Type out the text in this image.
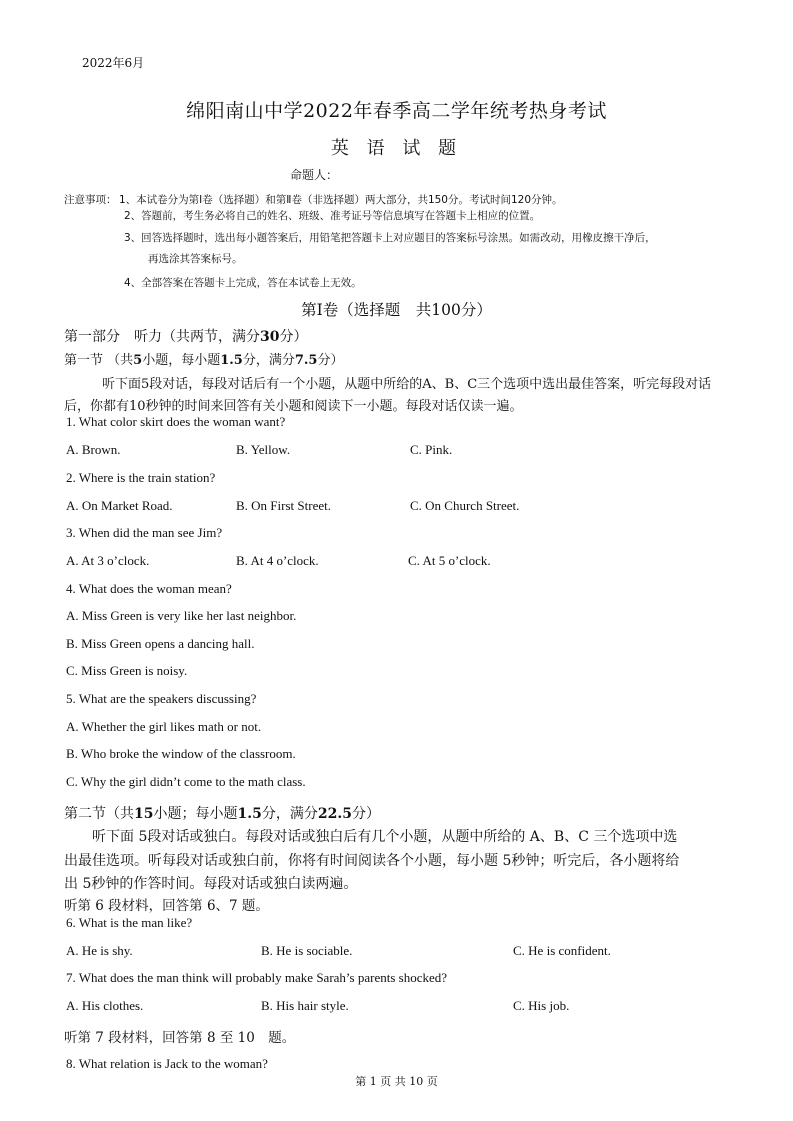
2022年6月
绵阳南山中学2022年春季高二学年统考热身考试
英 语 试 题
命题人：
注意事项： 1、本试卷分为第Ⅰ卷（选择题）和第Ⅱ卷（非选择题）两大部分，共150分。考试时间120分钟。
2、答题前，考生务必将自己的姓名、班级、准考证号等信息填写在答题卡上相应的位置。
3、回答选择题时，选出每小题答案后，用铅笔把答题卡上对应题目的答案标号涂黑。如需改动，用橡皮擦干净后，
再选涂其答案标号。
4、全部答案在答题卡上完成，答在本试卷上无效。
第Ⅰ卷（选择题　共100分）
第一部分　听力（共两节，满分30分）
第一节 （共5小题，每小题1.5分，满分7.5分）
听下面5段对话，每段对话后有一个小题，从题中所给的A、B、C三个选项中选出最佳答案，听完每段对话
后，你都有10秒钟的时间来回答有关小题和阅读下一小题。每段对话仅读一遍。
1. What color skirt does the woman want?
A. Brown.	B. Yellow.	C. Pink.
2. Where is the train station?
A. On Market Road.	B. On First Street.	C. On Church Street.
3. When did the man see Jim?
A. At 3 o’clock.	B. At 4 o’clock.	C. At 5 o’clock.
4. What does the woman mean?
A. Miss Green is very like her last neighbor.
B. Miss Green opens a dancing hall.
C. Miss Green is noisy.
5. What are the speakers discussing?
A. Whether the girl likes math or not.
B. Who broke the window of the classroom.
C. Why the girl didn’t come to the math class.
第二节（共15小题；每小题1.5分，满分22.5分）
听下面 5段对话或独白。每段对话或独白后有几个小题，从题中所给的 A、B、C 三个选项中选
出最佳选项。听每段对话或独白前，你将有时间阅读各个小题，每小题 5秒钟；听完后，各小题将给
出 5秒钟的作答时间。每段对话或独白读两遍。
听第 6 段材料，回答第 6、7 题。
6. What is the man like?
A. He is shy.	B. He is sociable.	C. He is confident.
7. What does the man think will probably make Sarah’s parents shocked?
A. His clothes.	B. His hair style.	C. His job.
听第 7 段材料，回答第 8 至 10　题。
8. What relation is Jack to the woman?
第 1 页 共 10 页
